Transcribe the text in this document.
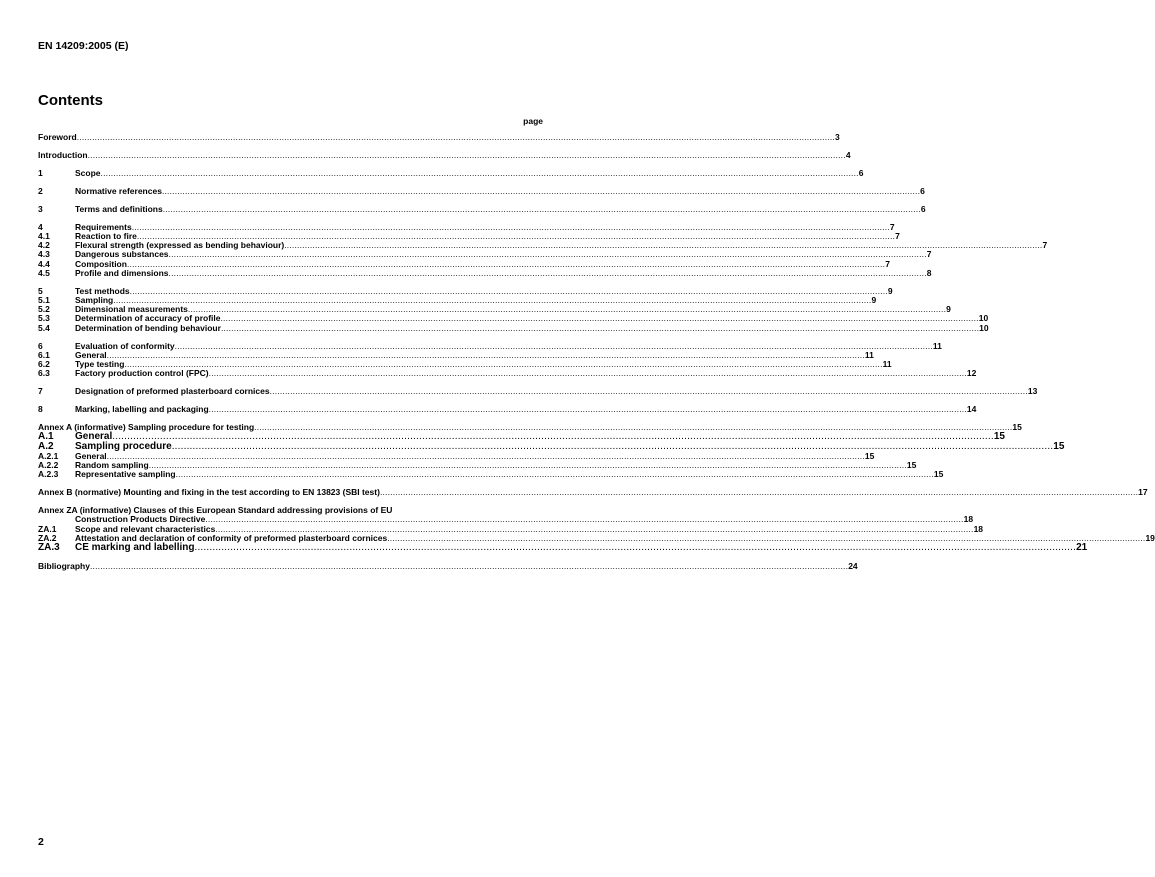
EN 14209:2005 (E)
Contents
page
Foreword .....	3
Introduction .....	4
1	Scope .....	6
2	Normative references .....	6
3	Terms and definitions .....	6
4	Requirements .....	7
4.1	Reaction to fire .....	7
4.2	Flexural strength (expressed as bending behaviour) .....	7
4.3	Dangerous substances .....	7
4.4	Composition .....	7
4.5	Profile and dimensions .....	8
5	Test methods .....	9
5.1	Sampling .....	9
5.2	Dimensional measurements .....	9
5.3	Determination of accuracy of profile .....	10
5.4	Determination of bending behaviour .....	10
6	Evaluation of conformity .....	11
6.1	General .....	11
6.2	Type testing .....	11
6.3	Factory production control (FPC) .....	12
7	Designation of preformed plasterboard cornices .....	13
8	Marking, labelling and packaging .....	14
Annex A (informative) Sampling procedure for testing .....	15
A.1	General .....	15
A.2	Sampling procedure .....	15
A.2.1	General .....	15
A.2.2	Random sampling .....	15
A.2.3	Representative sampling .....	15
Annex B (normative) Mounting and fixing in the test according to EN 13823 (SBI test) .....	17
Annex ZA (informative) Clauses of this European Standard addressing provisions of EU
Construction Products Directive .....	18
ZA.1	Scope and relevant characteristics .....	18
ZA.2	Attestation and declaration of conformity of preformed plasterboard cornices .....	19
ZA.3	CE marking and labelling .....	21
Bibliography .....	24
2
